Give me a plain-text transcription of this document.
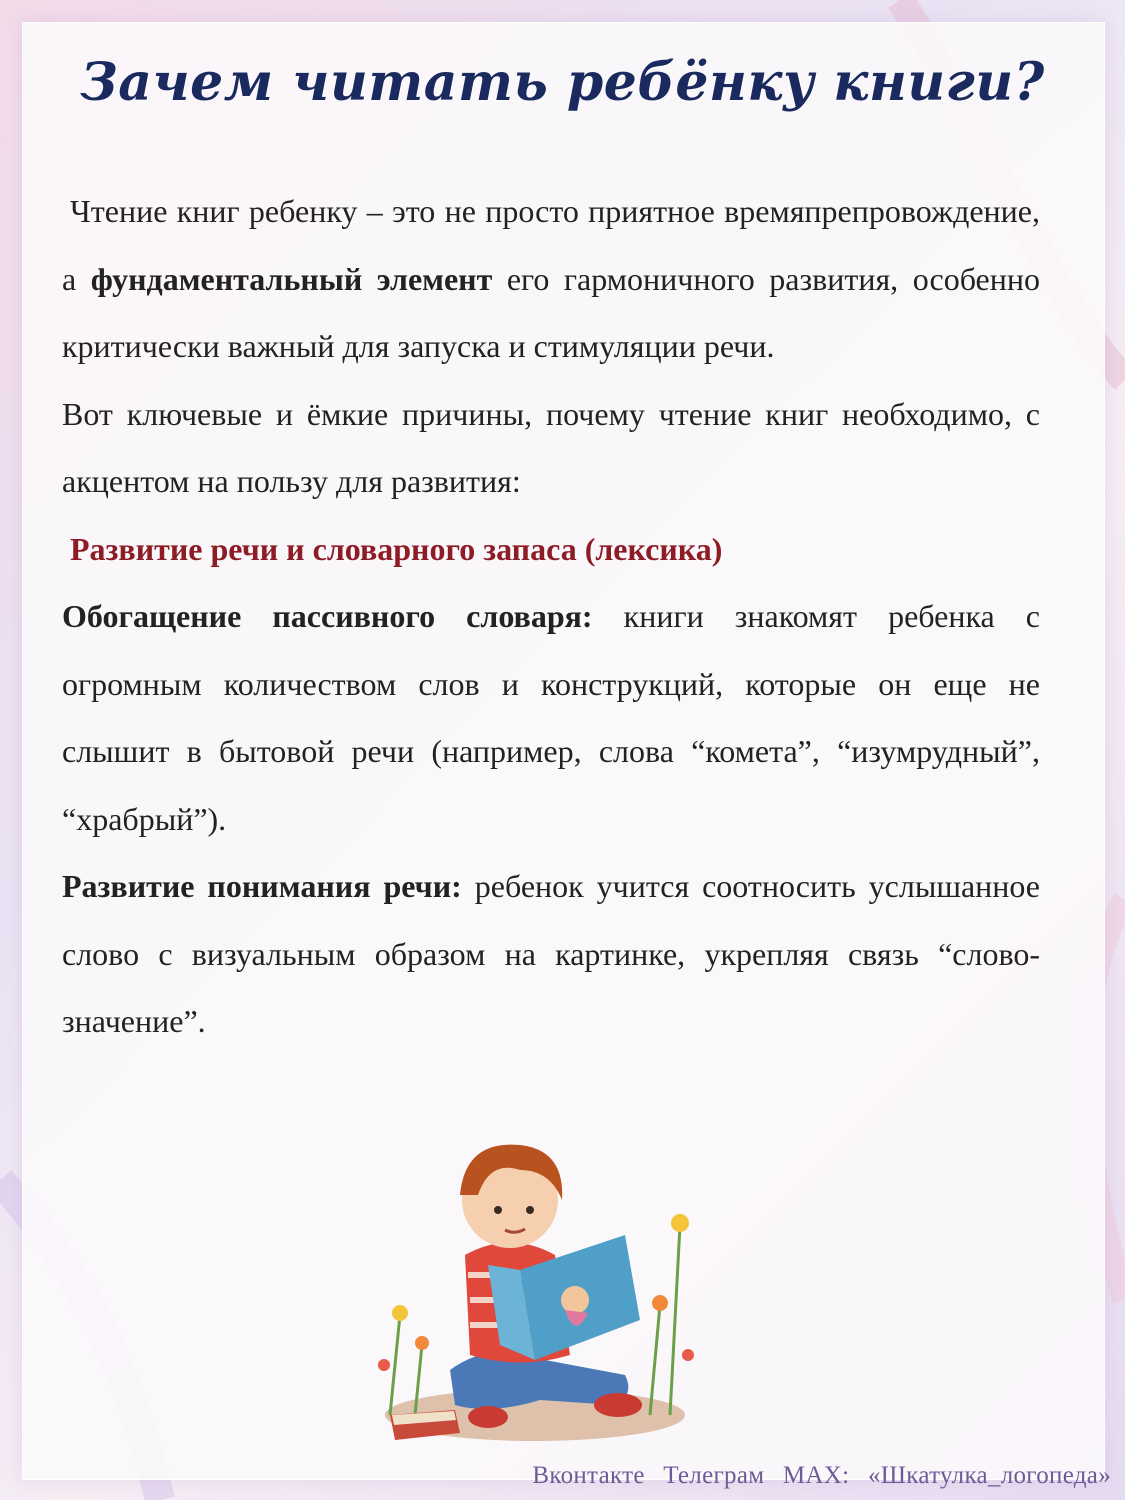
Зачем читать ребёнку книги?

Чтение книг ребенку – это не просто приятное времяпрепровождение, а фундаментальный элемент его гармоничного развития, особенно критически важный для запуска и стимуляции речи.

Вот ключевые и ёмкие причины, почему чтение книг необходимо, с акцентом на пользу для развития:

Развитие речи и словарного запаса (лексика)

Обогащение пассивного словаря: книги знакомят ребенка с огромным количеством слов и конструкций, которые он еще не слышит в бытовой речи (например, слова “комета”, “изумрудный”, “храбрый”).

Развитие понимания речи: ребенок учится соотносить услышанное слово с визуальным образом на картинке, укрепляя связь “слово-значение”.

Вконтакте Телеграм MAX: «Шкатулка_логопеда»
